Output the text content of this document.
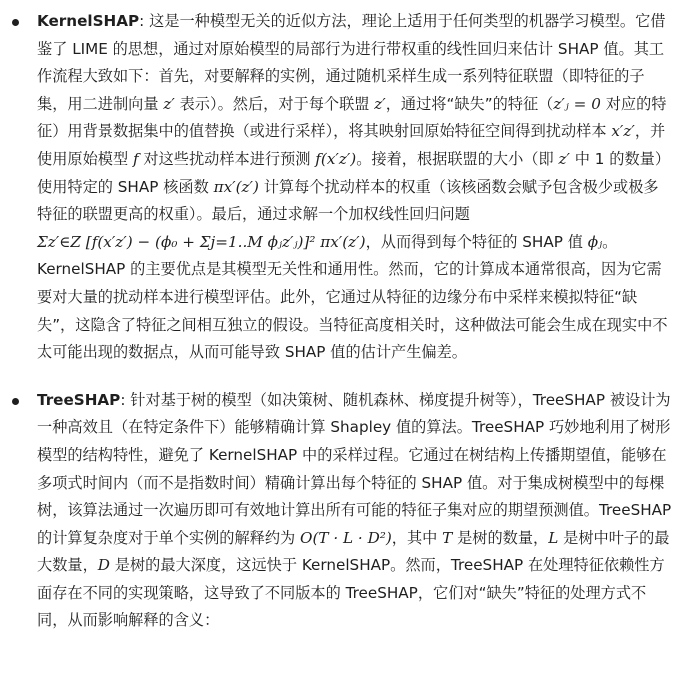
KernelSHAP: 这是一种模型无关的近似方法，理论上适用于任何类型的机器学习模型。它借鉴了 LIME 的思想，通过对原始模型的局部行为进行带权重的线性回归来估计 SHAP 值。其工作流程大致如下：首先，对要解释的实例，通过随机采样生成一系列特征联盟（即特征的子集，用二进制向量 z′ 表示）。然后，对于每个联盟 z′，通过将“缺失”的特征（z′ⱼ = 0 对应的特征）用背景数据集中的值替换（或进行采样），将其映射回原始特征空间得到扰动样本 x′z′，并使用原始模型 f 对这些扰动样本进行预测 f(x′z′)。接着，根据联盟的大小（即 z′ 中 1 的数量）使用特定的 SHAP 核函数 πx′(z′) 计算每个扰动样本的权重（该核函数会赋予包含极少或极多特征的联盟更高的权重）。最后，通过求解一个加权线性回归问题 Σz′∈Z [f(x′z′) − (ϕ₀ + Σj=1..M ϕⱼz′ⱼ)]² πx′(z′)，从而得到每个特征的 SHAP 值 ϕⱼ。KernelSHAP 的主要优点是其模型无关性和通用性。然而，它的计算成本通常很高，因为它需要对大量的扰动样本进行模型评估。此外，它通过从特征的边缘分布中采样来模拟特征“缺失”，这隐含了特征之间相互独立的假设。当特征高度相关时，这种做法可能会生成在现实中不太可能出现的数据点，从而可能导致 SHAP 值的估计产生偏差。
TreeSHAP: 针对基于树的模型（如决策树、随机森林、梯度提升树等），TreeSHAP 被设计为一种高效且（在特定条件下）能够精确计算 Shapley 值的算法。TreeSHAP 巧妙地利用了树形模型的结构特性，避免了 KernelSHAP 中的采样过程。它通过在树结构上传播期望值，能够在多项式时间内（而不是指数时间）精确计算出每个特征的 SHAP 值。对于集成树模型中的每棵树，该算法通过一次遍历即可有效地计算出所有可能的特征子集对应的期望预测值。TreeSHAP 的计算复杂度对于单个实例的解释约为 O(T · L · D²)，其中 T 是树的数量，L 是树中叶子的最大数量，D 是树的最大深度，这远快于 KernelSHAP。然而，TreeSHAP 在处理特征依赖性方面存在不同的实现策略，这导致了不同版本的 TreeSHAP，它们对“缺失”特征的处理方式不同，从而影响解释的含义：
